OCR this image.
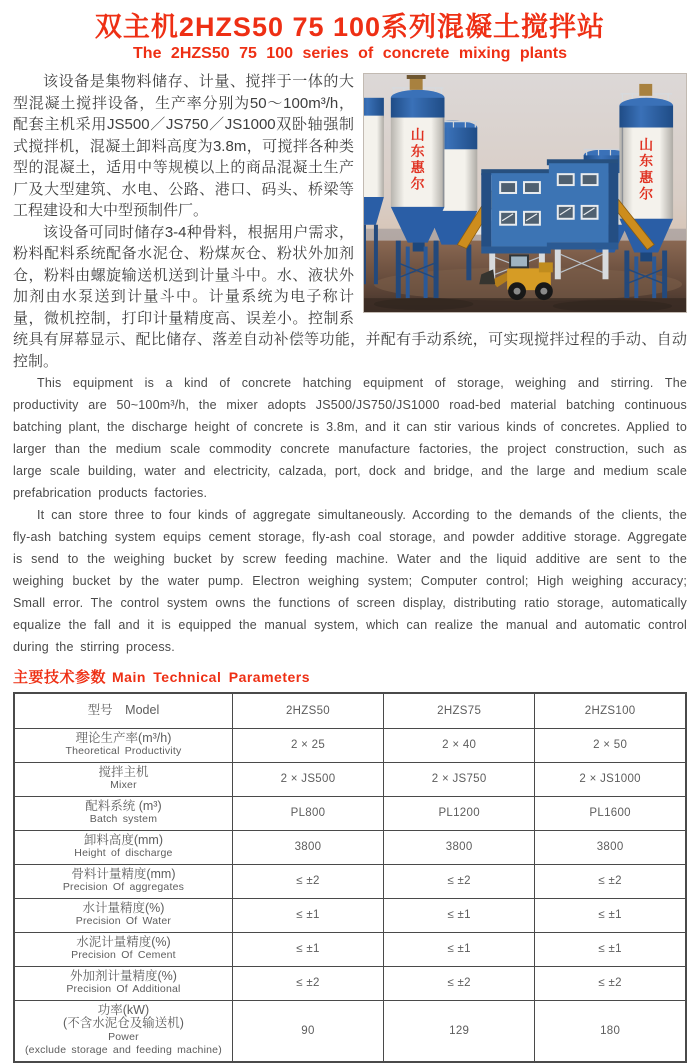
双主机2HZS50 75 100系列混凝土搅拌站
The 2HZS50 75 100 series of concrete mixing plants
山东惠尔
山东惠尔

该设备是集物料储存、计量、搅拌于一体的大型混凝土搅拌设备，生产率分别为50～100m³/h，配套主机采用JS500／JS750／JS1000双卧轴强制式搅拌机，混凝土卸料高度为3.8m，可搅拌各种类型的混凝土，适用中等规模以上的商品混凝土生产厂及大型建筑、水电、公路、港口、码头、桥梁等工程建设和大中型预制件厂。

该设备可同时储存3-4种骨料，根据用户需求，粉料配料系统配备水泥仓、粉煤灰仓、粉状外加剂仓，粉料由螺旋输送机送到计量斗中。水、液状外加剂由水泵送到计量斗中。计量系统为电子称计量，微机控制，打印计量精度高、误差小。控制系统具有屏幕显示、配比储存、落差自动补偿等功能，并配有手动系统，可实现搅拌过程的手动、自动控制。

This equipment is a kind of concrete hatching equipment of storage, weighing and stirring. The productivity are 50~100m³/h, the mixer adopts JS500/JS750/JS1000 road-bed material batching continuous batching plant, the discharge height of concrete is 3.8m, and it can stir various kinds of concretes. Applied to larger than the medium scale commodity concrete manufacture factories, the project construction, such as large scale building, water and electricity, calzada, port, dock and bridge, and the large and medium scale prefabrication products factories.

It can store three to four kinds of aggregate simultaneously. According to the demands of the clients, the fly-ash batching system equips cement storage, fly-ash coal storage, and powder additive storage. Aggregate is send to the weighing bucket by screw feeding machine. Water and the liquid additive are sent to the weighing bucket by the water pump. Electron weighing system; Computer control; High weighing accuracy; Small error. The control system owns the functions of screen display, distributing ratio storage, automatically equalize the fall and it is equipped the manual system, which can realize the manual and automatic control during the stirring process.

主要技术参数 Main Technical Parameters
型号　Model	2HZS50	2HZS75	2HZS100

理论生产率(m³/h)
Theoretical Productivity	2 × 25	2 × 40	2 × 50

搅拌主机
Mixer	2 × JS500	2 × JS750	2 × JS1000

配料系统 (m³)
Batch system	PL800	PL1200	PL1600

卸料高度(mm)
Height of discharge	3800	3800	3800

骨料计量精度(mm)
Precision Of aggregates	≤ ±2	≤ ±2	≤ ±2

水计量精度(%)
Precision Of Water	≤ ±1	≤ ±1	≤ ±1

水泥计量精度(%)
Precision Of Cement	≤ ±1	≤ ±1	≤ ±1

外加剂计量精度(%)
Precision Of Additional	≤ ±2	≤ ±2	≤ ±2

功率(kW)
(不含水泥仓及输送机)
Power
(exclude storage and feeding machine)	90	129	180
